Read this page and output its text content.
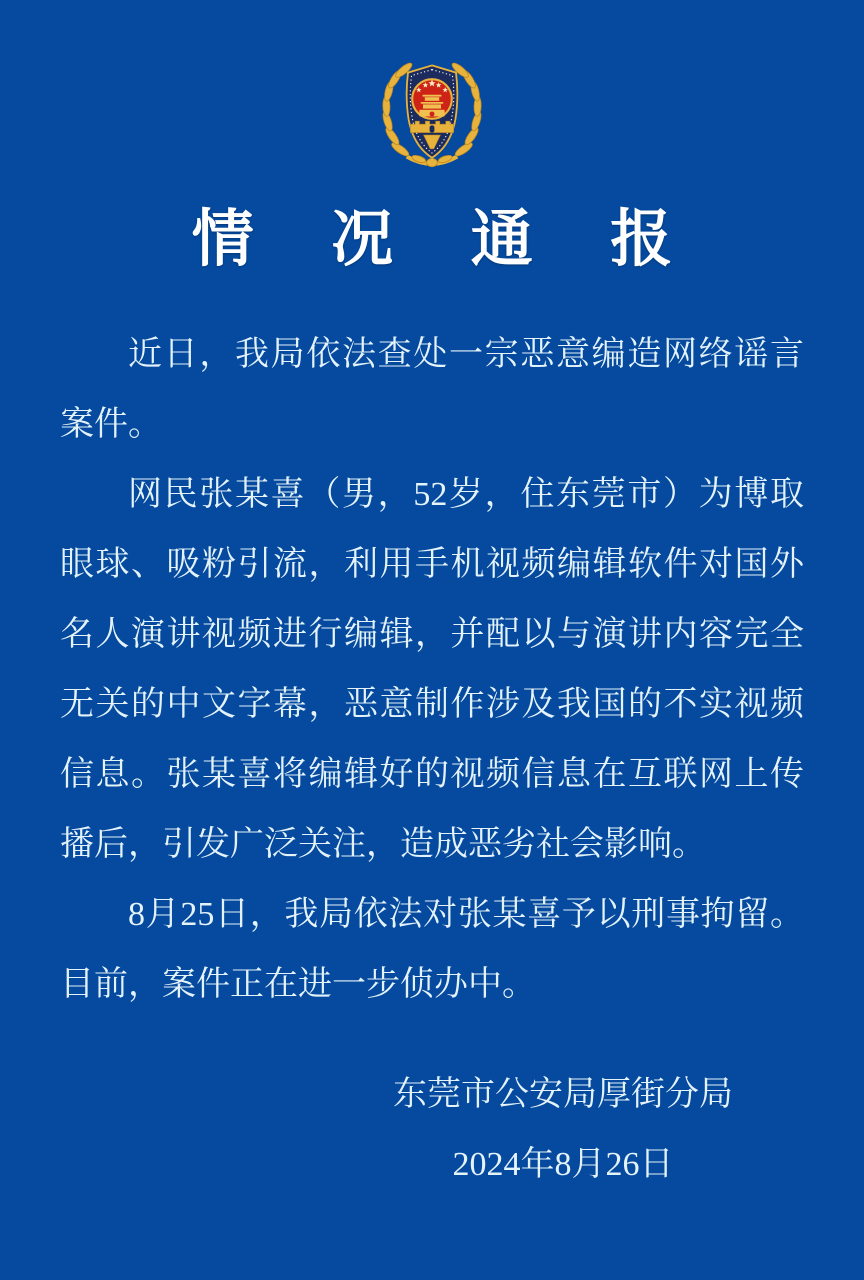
情 况 通 报

近日，我局依法查处一宗恶意编造网络谣言案件。

网民张某喜（男，52岁，住东莞市）为博取眼球、吸粉引流，利用手机视频编辑软件对国外名人演讲视频进行编辑，并配以与演讲内容完全无关的中文字幕，恶意制作涉及我国的不实视频信息。张某喜将编辑好的视频信息在互联网上传播后，引发广泛关注，造成恶劣社会影响。

8月25日，我局依法对张某喜予以刑事拘留。目前，案件正在进一步侦办中。

东莞市公安局厚街分局

2024年8月26日
